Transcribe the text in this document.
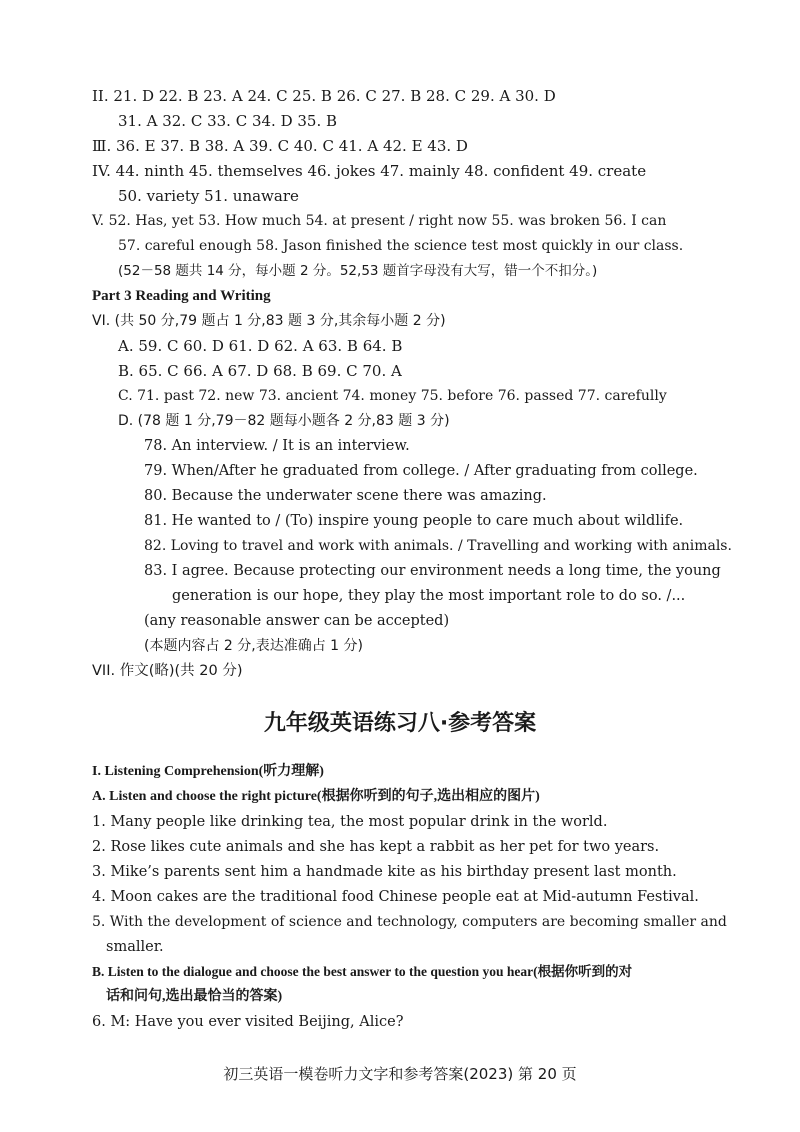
II. 21. D 22. B 23. A 24. C 25. B 26. C 27. B 28. C 29. A 30. D
31. A 32. C 33. C 34. D 35. B
Ⅲ. 36. E 37. B 38. A 39. C 40. C 41. A 42. E 43. D
IV. 44. ninth 45. themselves 46. jokes 47. mainly 48. confident 49. create
50. variety 51. unaware
V. 52. Has, yet 53. How much 54. at present / right now 55. was broken 56. I can
57. careful enough 58. Jason finished the science test most quickly in our class.
(52－58 题共 14 分，每小题 2 分。52,53 题首字母没有大写，错一个不扣分。)
Part 3 Reading and Writing
VI. (共 50 分,79 题占 1 分,83 题 3 分,其余每小题 2 分)
A. 59. C 60. D 61. D 62. A 63. B 64. B
B. 65. C 66. A 67. D 68. B 69. C 70. A
C. 71. past 72. new 73. ancient 74. money 75. before 76. passed 77. carefully
D. (78 题 1 分,79－82 题每小题各 2 分,83 题 3 分)
78. An interview. / It is an interview.
79. When/After he graduated from college. / After graduating from college.
80. Because the underwater scene there was amazing.
81. He wanted to / (To) inspire young people to care much about wildlife.
82. Loving to travel and work with animals. / Travelling and working with animals.
83. I agree. Because protecting our environment needs a long time, the young
generation is our hope, they play the most important role to do so. /...
(any reasonable answer can be accepted)
(本题内容占 2 分,表达准确占 1 分)
VII. 作文(略)(共 20 分)
九年级英语练习八·参考答案
I. Listening Comprehension(听力理解)
A. Listen and choose the right picture(根据你听到的句子,选出相应的图片)
1. Many people like drinking tea, the most popular drink in the world.
2. Rose likes cute animals and she has kept a rabbit as her pet for two years.
3. Mike’s parents sent him a handmade kite as his birthday present last month.
4. Moon cakes are the traditional food Chinese people eat at Mid-autumn Festival.
5. With the development of science and technology, computers are becoming smaller and
smaller.
B. Listen to the dialogue and choose the best answer to the question you hear(根据你听到的对
话和问句,选出最恰当的答案)
6. M: Have you ever visited Beijing, Alice?
初三英语一模卷听力文字和参考答案(2023) 第 20 页
